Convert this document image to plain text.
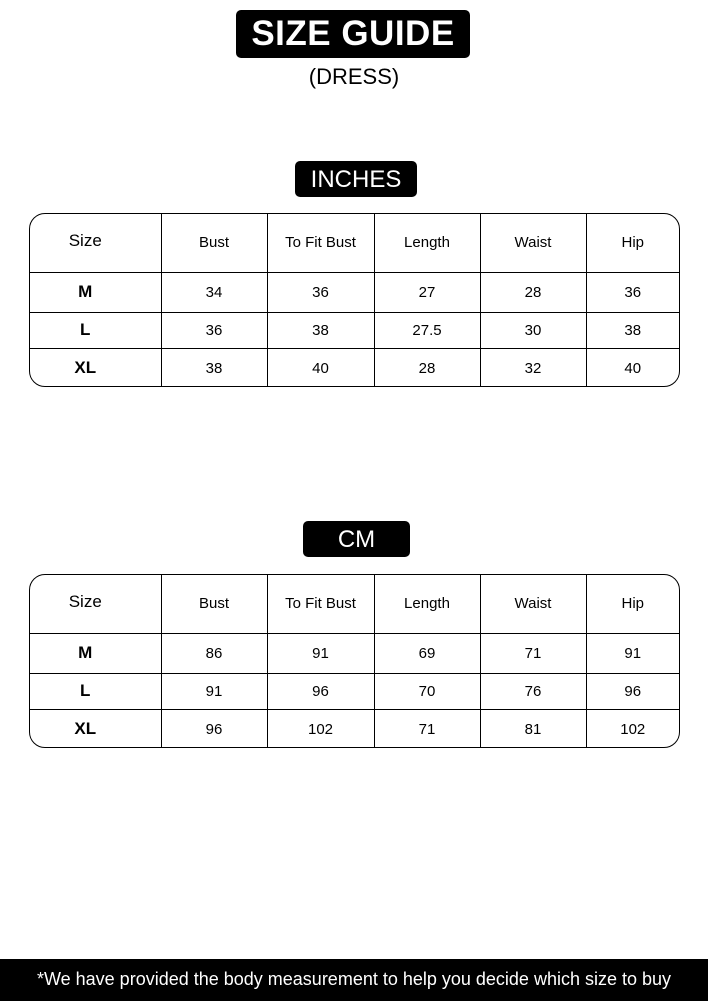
SIZE GUIDE
(DRESS)
INCHES
Size	Bust	To Fit Bust	Length	Waist	Hip
M	34	36	27	28	36
L	36	38	27.5	30	38
XL	38	40	28	32	40
CM
Size	Bust	To Fit Bust	Length	Waist	Hip
M	86	91	69	71	91
L	91	96	70	76	96
XL	96	102	71	81	102
*We have provided the body measurement to help you decide which size to buy
